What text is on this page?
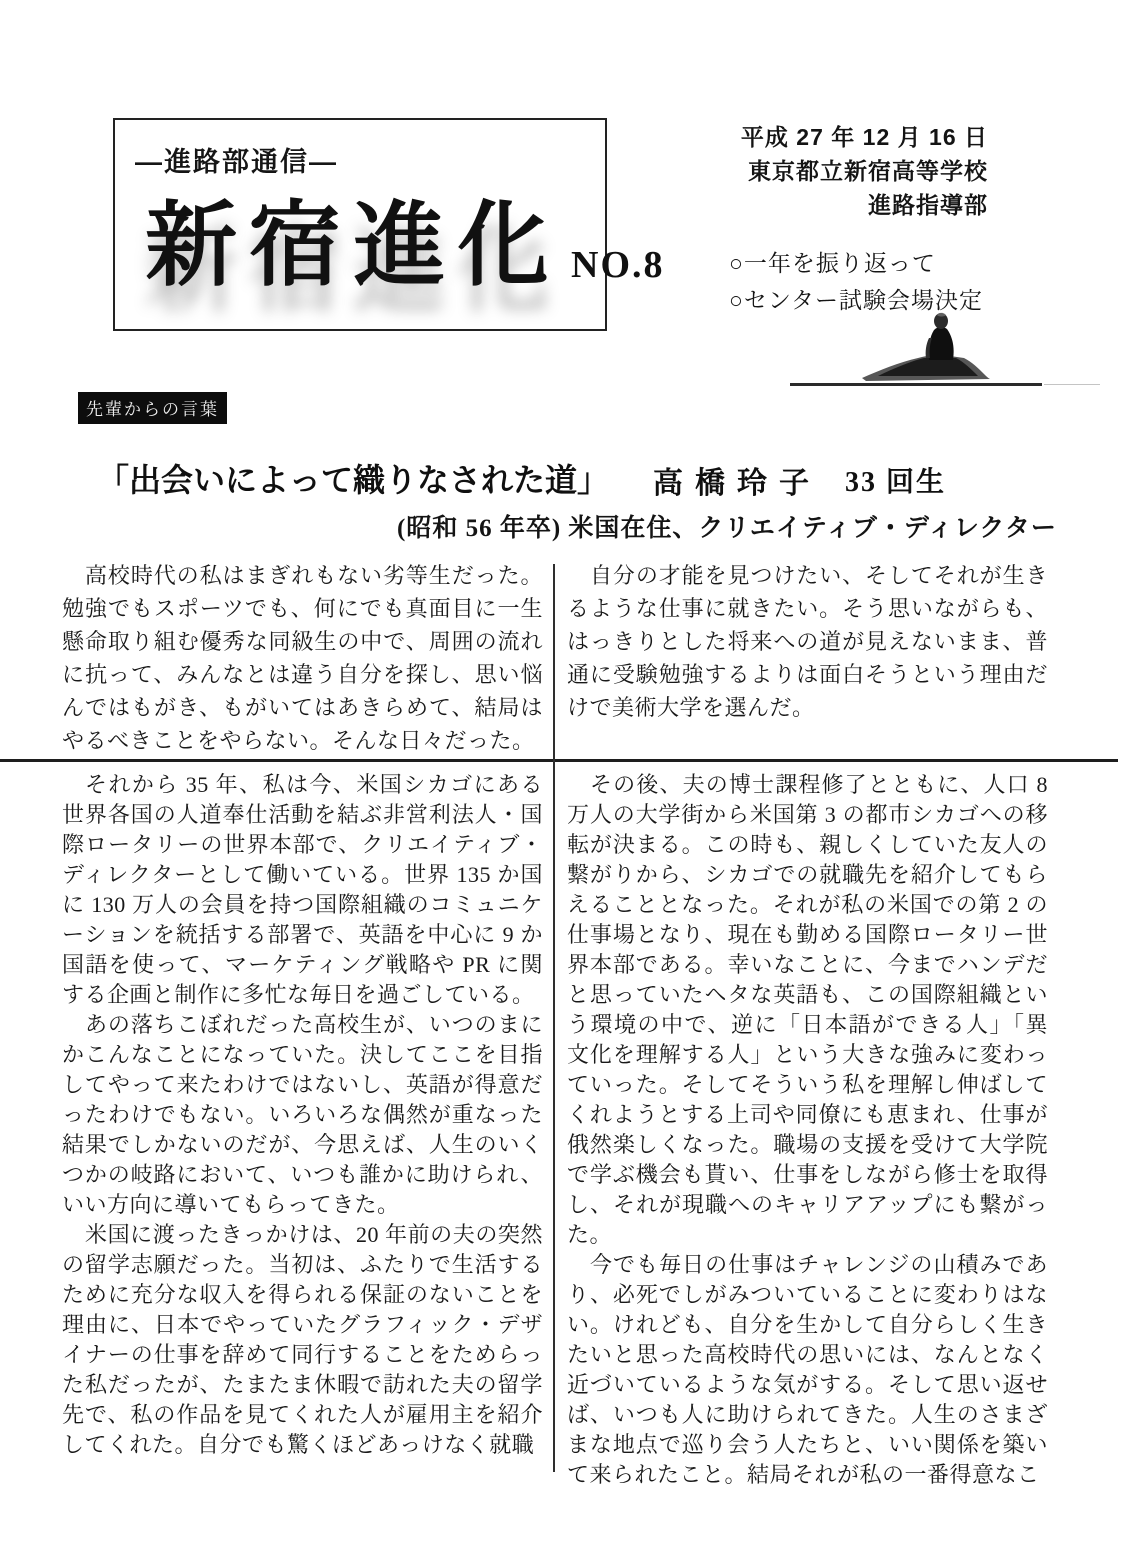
―進路部通信―
新宿進化 NO.8
平成 27 年 12 月 16 日
東京都立新宿高等学校
進路指導部
○一年を振り返って
○センター試験会場決定
先輩からの言葉
「出会いによって織りなされた道」 高橋玲子 33 回生
(昭和 56 年卒) 米国在住、クリエイティブ・ディレクター

高校時代の私はまぎれもない劣等生だった。勉強でもスポーツでも、何にでも真面目に一生懸命取り組む優秀な同級生の中で、周囲の流れに抗って、みんなとは違う自分を探し、思い悩んではもがき、もがいてはあきらめて、結局はやるべきことをやらない。そんな日々だった。

自分の才能を見つけたい、そしてそれが生きるような仕事に就きたい。そう思いながらも、はっきりとした将来への道が見えないまま、普通に受験勉強するよりは面白そうという理由だけで美術大学を選んだ。

それから 35 年、私は今、米国シカゴにある世界各国の人道奉仕活動を結ぶ非営利法人・国際ロータリーの世界本部で、クリエイティブ・ディレクターとして働いている。世界 135 か国に 130 万人の会員を持つ国際組織のコミュニケーションを統括する部署で、英語を中心に 9 か国語を使って、マーケティング戦略や PR に関する企画と制作に多忙な毎日を過ごしている。

あの落ちこぼれだった高校生が、いつのまにかこんなことになっていた。決してここを目指してやって来たわけではないし、英語が得意だったわけでもない。いろいろな偶然が重なった結果でしかないのだが、今思えば、人生のいくつかの岐路において、いつも誰かに助けられ、いい方向に導いてもらってきた。

米国に渡ったきっかけは、20 年前の夫の突然の留学志願だった。当初は、ふたりで生活するために充分な収入を得られる保証のないことを理由に、日本でやっていたグラフィック・デザイナーの仕事を辞めて同行することをためらった私だったが、たまたま休暇で訪れた夫の留学先で、私の作品を見てくれた人が雇用主を紹介してくれた。自分でも驚くほどあっけなく就職

その後、夫の博士課程修了とともに、人口 8 万人の大学街から米国第 3 の都市シカゴへの移転が決まる。この時も、親しくしていた友人の繋がりから、シカゴでの就職先を紹介してもらえることとなった。それが私の米国での第 2 の仕事場となり、現在も勤める国際ロータリー世界本部である。幸いなことに、今までハンデだと思っていたヘタな英語も、この国際組織という環境の中で、逆に「日本語ができる人」「異文化を理解する人」という大きな強みに変わっていった。そしてそういう私を理解し伸ばしてくれようとする上司や同僚にも恵まれ、仕事が俄然楽しくなった。職場の支援を受けて大学院で学ぶ機会も貰い、仕事をしながら修士を取得し、それが現職へのキャリアアップにも繋がった。

今でも毎日の仕事はチャレンジの山積みであり、必死でしがみついていることに変わりはない。けれども、自分を生かして自分らしく生きたいと思った高校時代の思いには、なんとなく近づいているような気がする。そして思い返せば、いつも人に助けられてきた。人生のさまざまな地点で巡り会う人たちと、いい関係を築いて来られたこと。結局それが私の一番得意なこ
